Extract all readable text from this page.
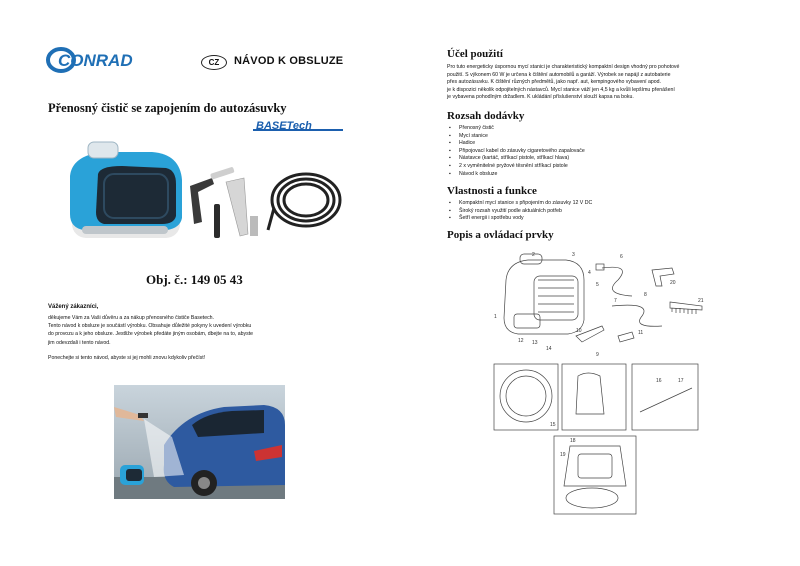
CONRAD	CZ	NÁVOD K OBSLUZE
Přenosný čistič se zapojením do autozásuvky
BASETech
Obj. č.: 149 05 43
Vážený zákazníci,

děkujeme Vám za Vaši důvěru a za nákup přenosného čističe Basetech.

Tento návod k obsluze je součástí výrobku. Obsahuje důležité pokyny k uvedení výrobku

do provozu a k jeho obsluze. Jestliže výrobek předáte jiným osobám, dbejte na to, abyste

jim odevzdali i tento návod.

Ponechejte si tento návod, abyste si jej mohli znovu kdykoliv přečíst!
Účel použití

Pro tuto energeticky úspornou mycí stanici je charakteristický kompaktní design vhodný pro pohotové

použití. S výkonem 60 W je určena k čištění automobilů a garáží. Výrobek se napájí z autobaterie

přes autozásuvku. K čištění různých předmětů, jako např. aut, kempingového vybavení apod.

je k dispozici několik odpojitelných nástavců. Mycí stanice váží jen 4,5 kg a kvůli lepšímu přenášení

je vybavena pohodlným držadlem. K ukládání příslušenství slouží kapsa na boku.

Rozsah dodávky
▪ Přenosný čistič
▪ Mycí stanice
▪ Hadice
▪ Připojovací kabel do zásuvky cigaretového zapalovače
▪ Nástavce (kartáč, stříkací pistole, stříkací hlava)
▪ 2 x vyměnitelné pryžové těsnění stříkací pistole
▪ Návod k obsluze
Vlastnosti a funkce
▪ Kompaktní mycí stanice s připojením do zásuvky 12 V DC
▪ Široký rozsah využití podle aktuálních potřeb
▪ Šetří energii i spotřebu vody
Popis a ovládací prvky
1
2	3
4
5
6
7
8
9
10	11
12 13
14
15
16	17
18
19
20
21
